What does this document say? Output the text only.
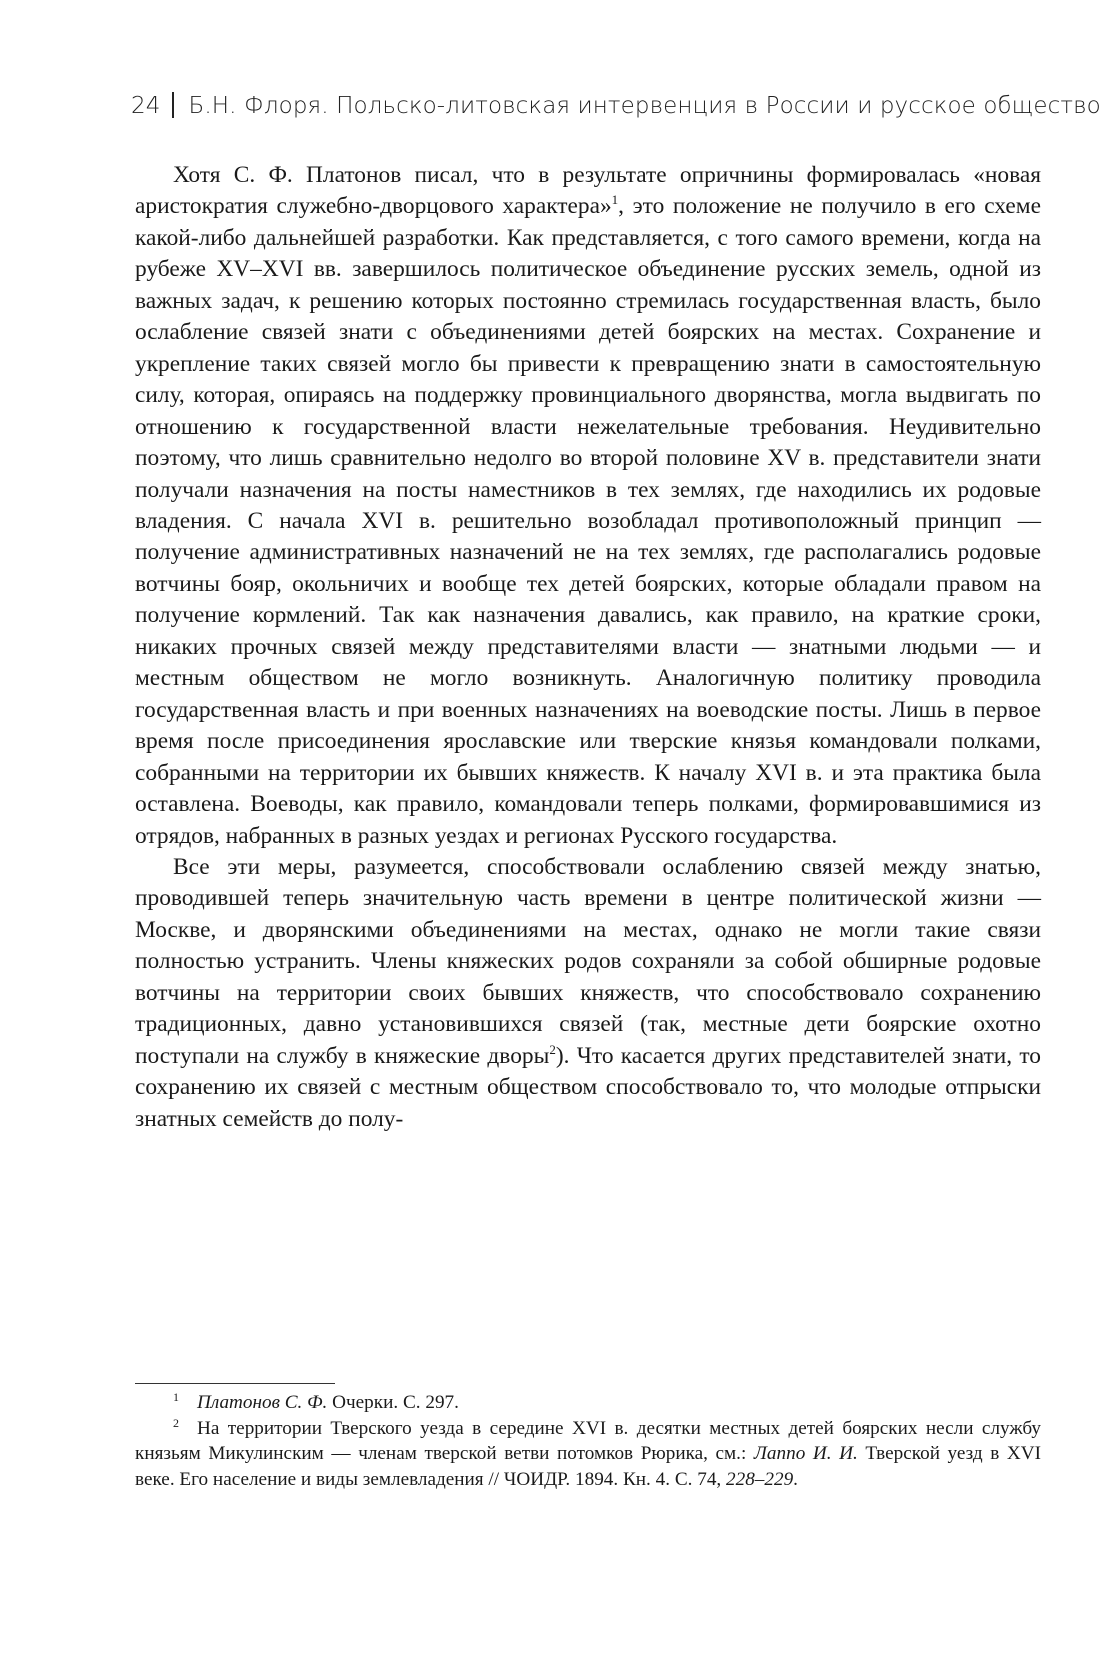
24 Б.Н. Флоря. Польско-литовская интервенция в России и русское общество

Хотя С. Ф. Платонов писал, что в результате опричнины формировалась «новая аристократия служебно-дворцового характера»$^1$, это положение не получило в его схеме какой-либо дальнейшей разработки. Как представляется, с того самого времени, когда на рубеже XV–XVI вв. завершилось политическое объединение русских земель, одной из важных задач, к решению которых постоянно стремилась государственная власть, было ослабление связей знати с объединениями детей боярских на местах. Сохранение и укрепление таких связей могло бы привести к превращению знати в самостоятельную силу, которая, опираясь на поддержку провинциального дворянства, могла выдвигать по отношению к государственной власти нежелательные требования. Неудивительно поэтому, что лишь сравнительно недолго во второй половине XV в. представители знати получали назначения на посты наместников в тех землях, где находились их родовые владения. С начала XVI в. решительно возобладал противоположный принцип — получение административных назначений не на тех землях, где располагались родовые вотчины бояр, окольничих и вообще тех детей боярских, которые обладали правом на получение кормлений. Так как назначения давались, как правило, на краткие сроки, никаких прочных связей между представителями власти — знатными людьми — и местным обществом не могло возникнуть. Аналогичную политику проводила государственная власть и при военных назначениях на воеводские посты. Лишь в первое время после присоединения ярославские или тверские князья командовали полками, собранными на территории их бывших княжеств. К началу XVI в. и эта практика была оставлена. Воеводы, как правило, командовали теперь полками, формировавшимися из отрядов, набранных в разных уездах и регионах Русского государства.

Все эти меры, разумеется, способствовали ослаблению связей между знатью, проводившей теперь значительную часть времени в центре политической жизни — Москве, и дворянскими объединениями на местах, однако не могли такие связи полностью устранить. Члены княжеских родов сохраняли за собой обширные родовые вотчины на территории своих бывших княжеств, что способствовало сохранению традиционных, давно установившихся связей (так, местные дети боярские охотно поступали на службу в княжеские дворы$^2$). Что касается других представителей знати, то сохранению их связей с местным обществом способствовало то, что молодые отпрыски знатных семейств до полу-

$^1$ Платонов С. Ф. Очерки. С. 297.

$^2$ На территории Тверского уезда в середине XVI в. десятки местных детей боярских несли службу князьям Микулинским — членам тверской ветви потомков Рюрика, см.: Лаппо И. И. Тверской уезд в XVI веке. Его население и виды землевладения // ЧОИДР. 1894. Кн. 4. С. 74, 228–229.
